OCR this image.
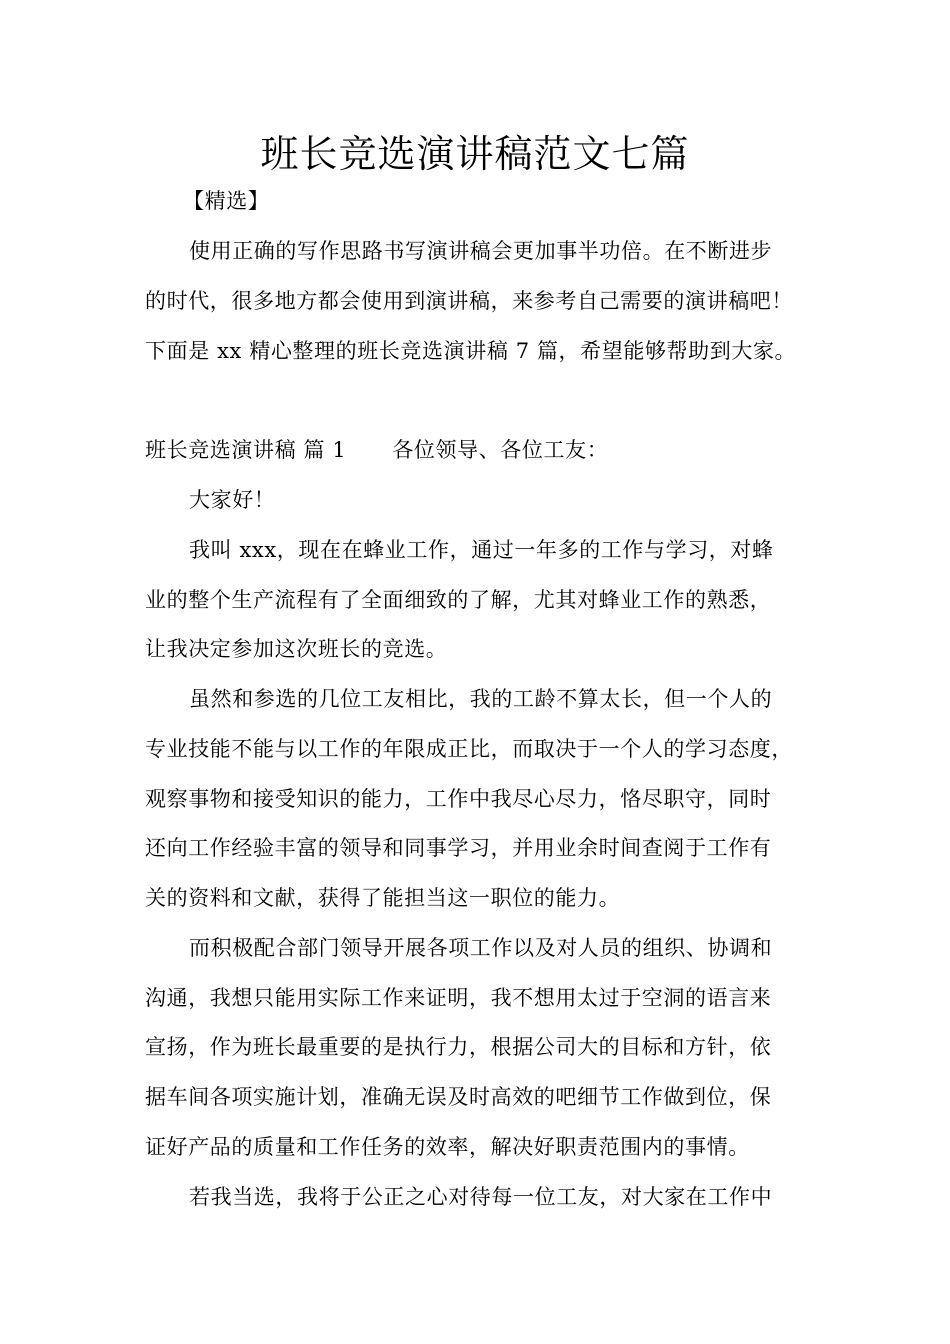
班长竞选演讲稿范文七篇
【精选】
使用正确的写作思路书写演讲稿会更加事半功倍。在不断进步
的时代，很多地方都会使用到演讲稿，来参考自己需要的演讲稿吧！
下面是 xx 精心整理的班长竞选演讲稿 7 篇，希望能够帮助到大家。
班长竞选演讲稿 篇 1 各位领导、各位工友：
大家好！
我叫 xxx，现在在蜂业工作，通过一年多的工作与学习，对蜂
业的整个生产流程有了全面细致的了解，尤其对蜂业工作的熟悉，
让我决定参加这次班长的竞选。
虽然和参选的几位工友相比，我的工龄不算太长，但一个人的
专业技能不能与以工作的年限成正比，而取决于一个人的学习态度，
观察事物和接受知识的能力，工作中我尽心尽力，恪尽职守，同时
还向工作经验丰富的领导和同事学习，并用业余时间查阅于工作有
关的资料和文献，获得了能担当这一职位的能力。
而积极配合部门领导开展各项工作以及对人员的组织、协调和
沟通，我想只能用实际工作来证明，我不想用太过于空洞的语言来
宣扬，作为班长最重要的是执行力，根据公司大的目标和方针，依
据车间各项实施计划，准确无误及时高效的吧细节工作做到位，保
证好产品的质量和工作任务的效率，解决好职责范围内的事情。
若我当选，我将于公正之心对待每一位工友，对大家在工作中
